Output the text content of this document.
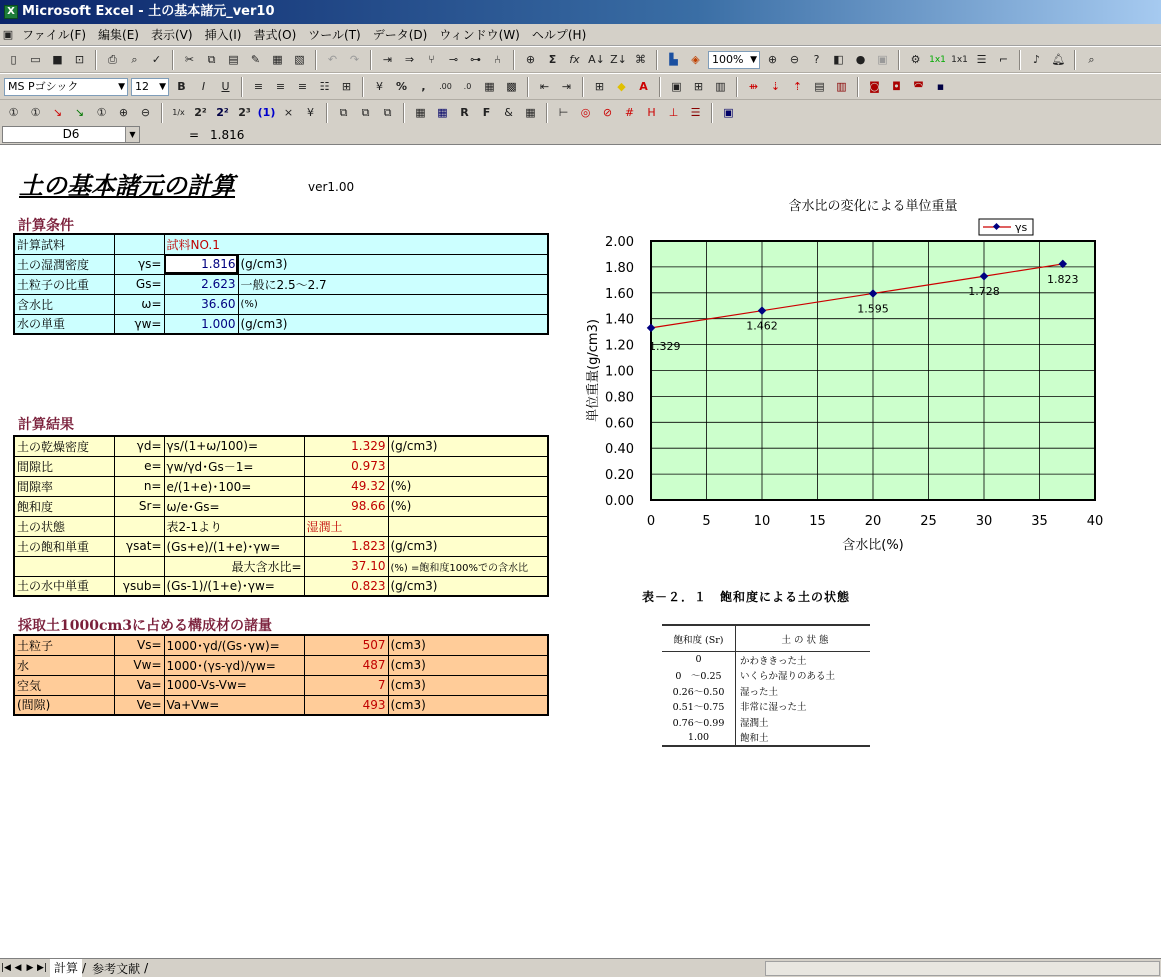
X Microsoft Excel - 土の基本諸元_ver10
▣ ファイル(F)	編集(E)	表示(V)	挿入(I)	書式(O)	ツール(T)	データ(D)	ウィンドウ(W)	ヘルプ(H)
▯	▭	■	⊡	⎙	⌕	✓	✂	⧉	▤	✎	▦	▧	↶	↷	⇥	⇒	⑂	⊸	⊶	⑃	⊕	Σ	fx A↓ Z↓ ⌘	▙	◈	100% ▼ ⊕	⊖	?	◧	●	▣	⚙ 1x1 1x1 ☰	⌐	♪	🔔︎	⌕
MS Pゴシック	▼ 12 ▼	B	I U	≡	≡	≡	☷	⊞	¥	%	,	.00	.0	▦	▩	⇤	⇥	⊞	◆	A	▣	⊞	▥	⇻	⇣	⇡	▤	▥	◙	◘	◚	▪
①	①	↘	↘	①	⊕	⊖	1/x 2² 2² 2³ (1) ×	¥	⧉	⧉	⧉	▦	▦	R	F	&	▦	⊢	◎	⊘	#	H	⊥	☰	▣
D6	▼	= 1.816
土の基本諸元の計算	ver1.00
計算条件
計算試料		試料NO.1	
土の湿潤密度	γs=	1.816	(g/cm3)
土粒子の比重	Gs=	2.623	一般に2.5～2.7
含水比	ω=	36.60	(%)
水の単重	γw=	1.000	(g/cm3)
計算結果
土の乾燥密度	γd=	γs/(1+ω/100)=	1.329	(g/cm3)
間隙比	e=	γw/γd･Gs－1=	0.973	
間隙率	n=	e/(1+e)･100=	49.32	(%)
飽和度	Sr=	ω/e･Gs=	98.66	(%)
土の状態		表2-1より	湿潤土	
土の飽和単重	γsat=	(Gs+e)/(1+e)･γw=	1.823	(g/cm3)
		最大含水比=	37.10	(%) =飽和度100%での含水比
土の水中単重	γsub=	(Gs-1)/(1+e)･γw=	0.823	(g/cm3)
採取土1000cm3に占める構成材の諸量
土粒子	Vs=	1000･γd/(Gs･γw)=	507	(cm3)
水	Vw=	1000･(γs-γd)/γw=	487	(cm3)
空気	Va=	1000-Vs-Vw=	7	(cm3)
(間隙)	Ve=	Va+Vw=	493	(cm3)
含水比の変化による単位重量
0	5	10	15	20	25	30	35	40
0.00
0.20
0.40
0.60
0.80
1.00
1.20
1.40
1.60
1.80
2.00
含水比(%)
単位重量(g/cm3)	1.329
1.462
1.595
1.728
1.823
γs
表－２．１　飽和度による土の状態
飽和度 (Sr)	土 の 状 態
0	かわききった土
0　～0.25	いくらか湿りのある土
0.26～0.50	湿った土
0.51～0.75	非常に湿った土
0.76～0.99	湿潤土
1.00	飽和土
|◀ ◀ ▶ ▶| 計算 / 参考文献 /
